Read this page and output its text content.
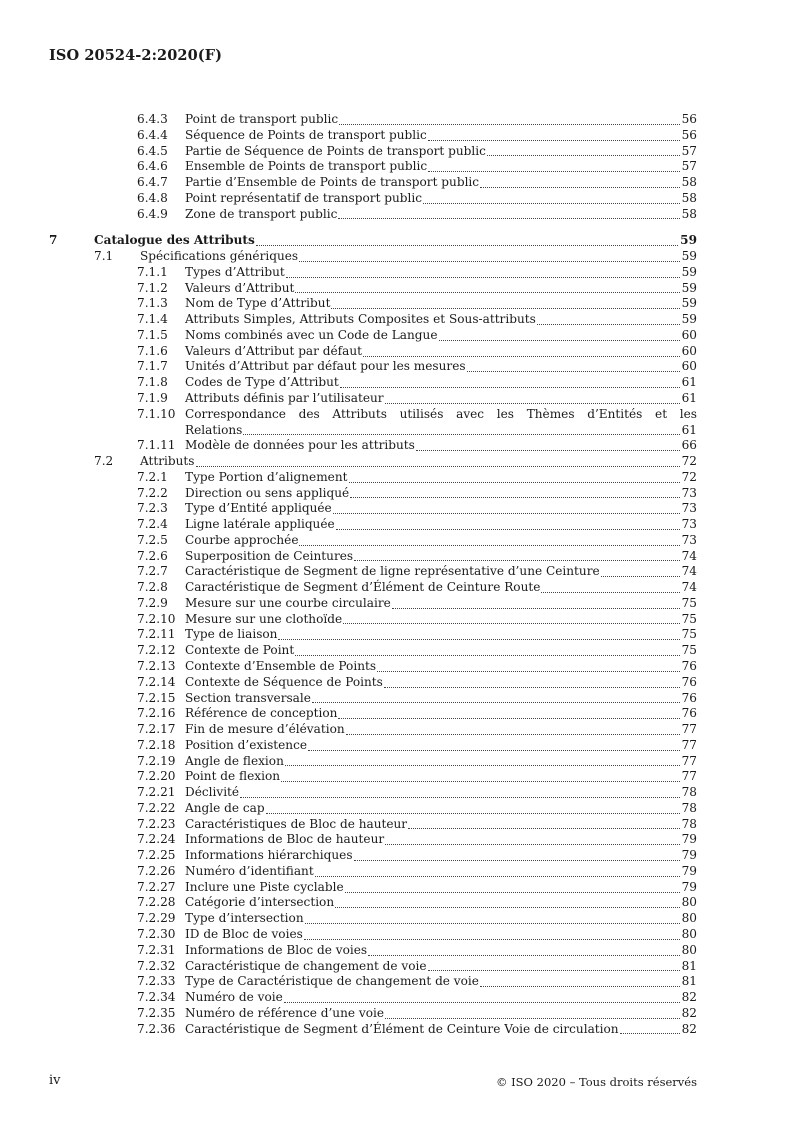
ISO 20524-2:2020(F)
6.4.3 Point de transport public	56
6.4.4 Séquence de Points de transport public	56
6.4.5 Partie de Séquence de Points de transport public	57
6.4.6 Ensemble de Points de transport public	57
6.4.7 Partie d’Ensemble de Points de transport public	58
6.4.8 Point représentatif de transport public	58
6.4.9 Zone de transport public	58
7	Catalogue des Attributs	59
7.1 Spécifications génériques	59
7.1.1 Types d’Attribut	59
7.1.2 Valeurs d’Attribut	59
7.1.3 Nom de Type d’Attribut	59
7.1.4 Attributs Simples, Attributs Composites et Sous-attributs	59
7.1.5 Noms combinés avec un Code de Langue	60
7.1.6 Valeurs d’Attribut par défaut	60
7.1.7 Unités d’Attribut par défaut pour les mesures	60
7.1.8 Codes de Type d’Attribut	61
7.1.9 Attributs définis par l’utilisateur	61
7.1.10 Correspondance des Attributs utilisés avec les Thèmes d’Entités et les
Relations	61
7.1.11 Modèle de données pour les attributs	66
7.2 Attributs	72
7.2.1 Type Portion d’alignement	72
7.2.2 Direction ou sens appliqué	73
7.2.3 Type d’Entité appliquée	73
7.2.4 Ligne latérale appliquée	73
7.2.5 Courbe approchée	73
7.2.6 Superposition de Ceintures	74
7.2.7 Caractéristique de Segment de ligne représentative d’une Ceinture	74
7.2.8 Caractéristique de Segment d’Élément de Ceinture Route	74
7.2.9 Mesure sur une courbe circulaire	75
7.2.10 Mesure sur une clothoïde	75
7.2.11 Type de liaison	75
7.2.12 Contexte de Point	75
7.2.13 Contexte d’Ensemble de Points	76
7.2.14 Contexte de Séquence de Points	76
7.2.15 Section transversale	76
7.2.16 Référence de conception	76
7.2.17 Fin de mesure d’élévation	77
7.2.18 Position d’existence	77
7.2.19 Angle de flexion	77
7.2.20 Point de flexion	77
7.2.21 Déclivité	78
7.2.22 Angle de cap	78
7.2.23 Caractéristiques de Bloc de hauteur	78
7.2.24 Informations de Bloc de hauteur	79
7.2.25 Informations hiérarchiques	79
7.2.26 Numéro d’identifiant	79
7.2.27 Inclure une Piste cyclable	79
7.2.28 Catégorie d’intersection	80
7.2.29 Type d’intersection	80
7.2.30 ID de Bloc de voies	80
7.2.31 Informations de Bloc de voies	80
7.2.32 Caractéristique de changement de voie	81
7.2.33 Type de Caractéristique de changement de voie	81
7.2.34 Numéro de voie	82
7.2.35 Numéro de référence d’une voie	82
7.2.36 Caractéristique de Segment d’Élément de Ceinture Voie de circulation	82
iv	© ISO 2020 – Tous droits réservés
